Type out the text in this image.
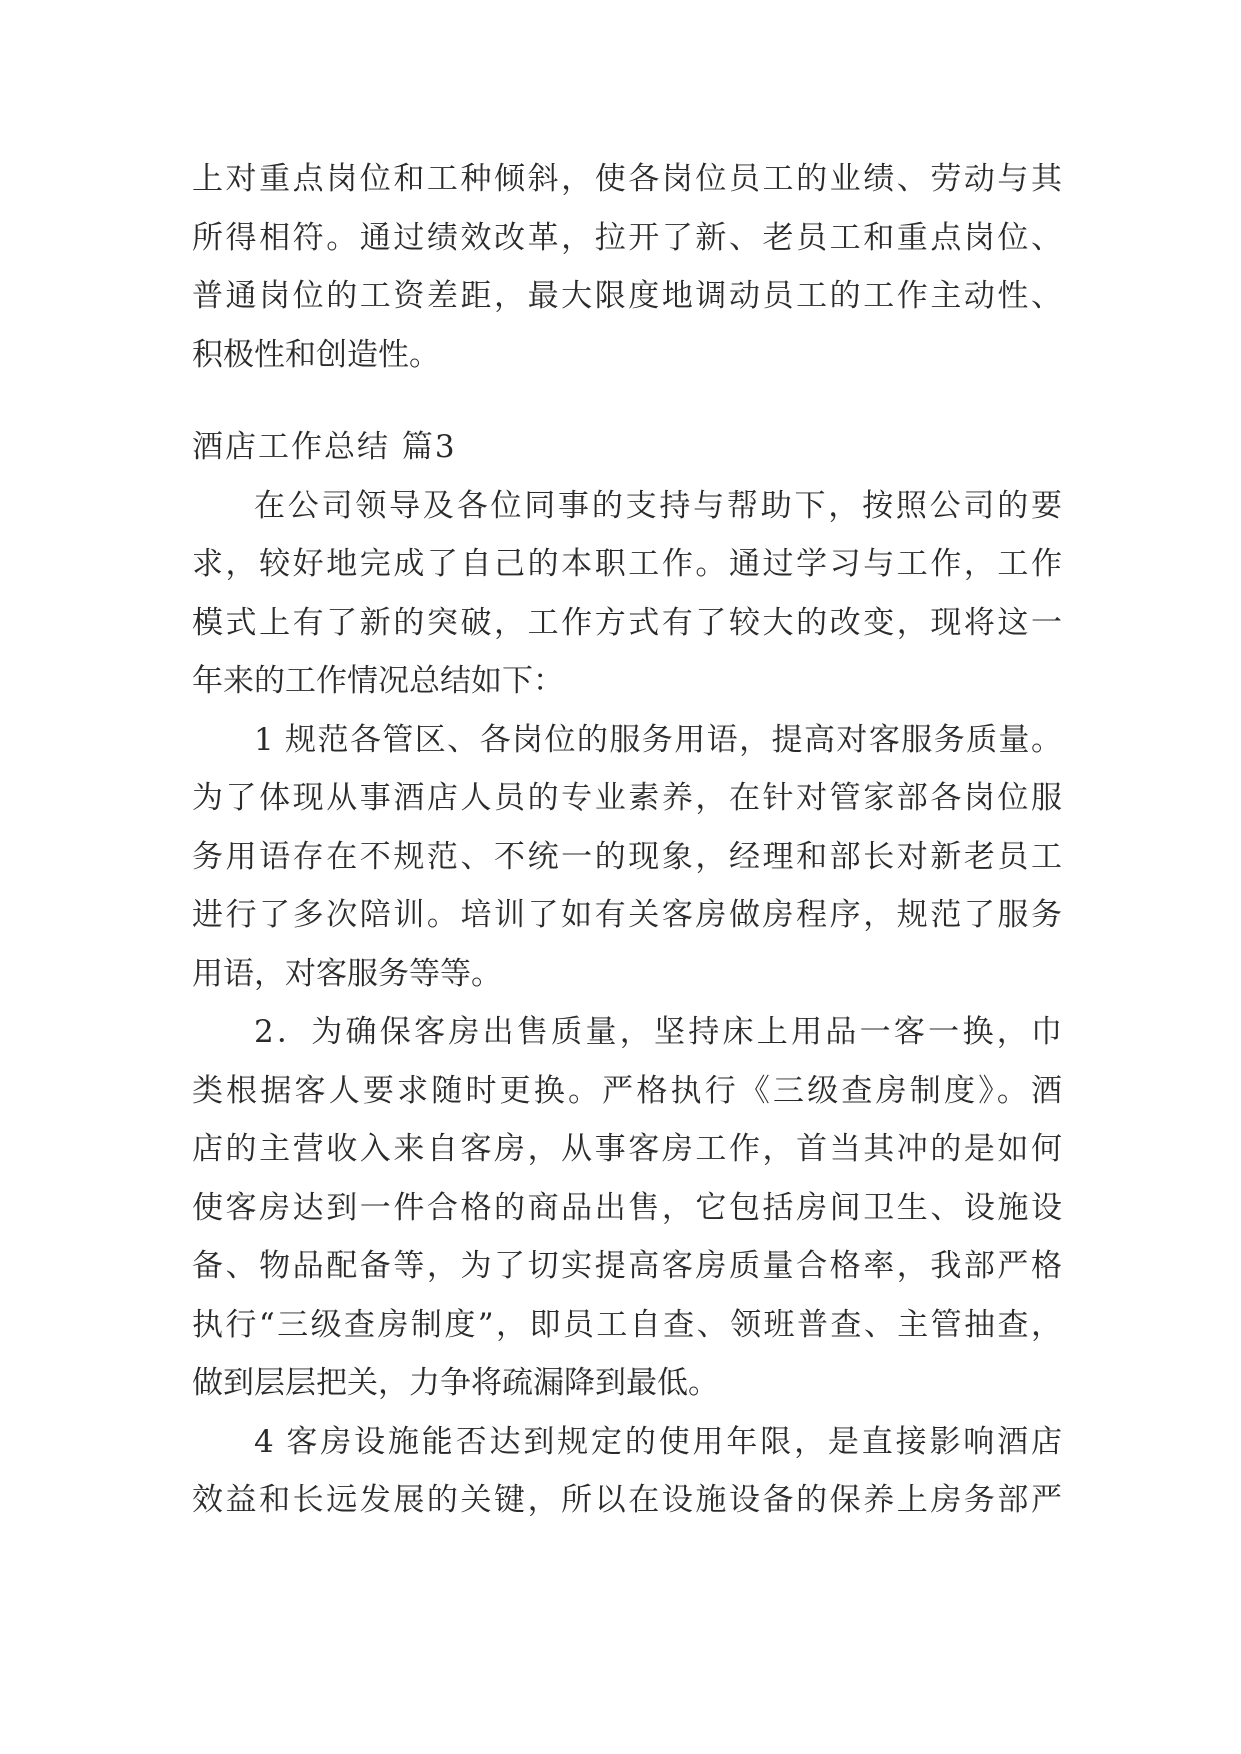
上对重点岗位和工种倾斜，使各岗位员工的业绩、劳动与其
所得相符。通过绩效改革，拉开了新、老员工和重点岗位、
普通岗位的工资差距，最大限度地调动员工的工作主动性、
积极性和创造性。
酒店工作总结 篇3
在公司领导及各位同事的支持与帮助下，按照公司的要
求，较好地完成了自己的本职工作。通过学习与工作，工作
模式上有了新的突破，工作方式有了较大的改变，现将这一
年来的工作情况总结如下：
1 规范各管区、各岗位的服务用语，提高对客服务质量。
为了体现从事酒店人员的专业素养，在针对管家部各岗位服
务用语存在不规范、不统一的现象，经理和部长对新老员工
进行了多次陪训。培训了如有关客房做房程序，规范了服务
用语，对客服务等等。
2．为确保客房出售质量，坚持床上用品一客一换，巾
类根据客人要求随时更换。严格执行《三级查房制度》。酒
店的主营收入来自客房，从事客房工作，首当其冲的是如何
使客房达到一件合格的商品出售，它包括房间卫生、设施设
备、物品配备等，为了切实提高客房质量合格率，我部严格
执行“三级查房制度”，即员工自查、领班普查、主管抽查，
做到层层把关，力争将疏漏降到最低。
4 客房设施能否达到规定的使用年限，是直接影响酒店
效益和长远发展的关键，所以在设施设备的保养上房务部严
